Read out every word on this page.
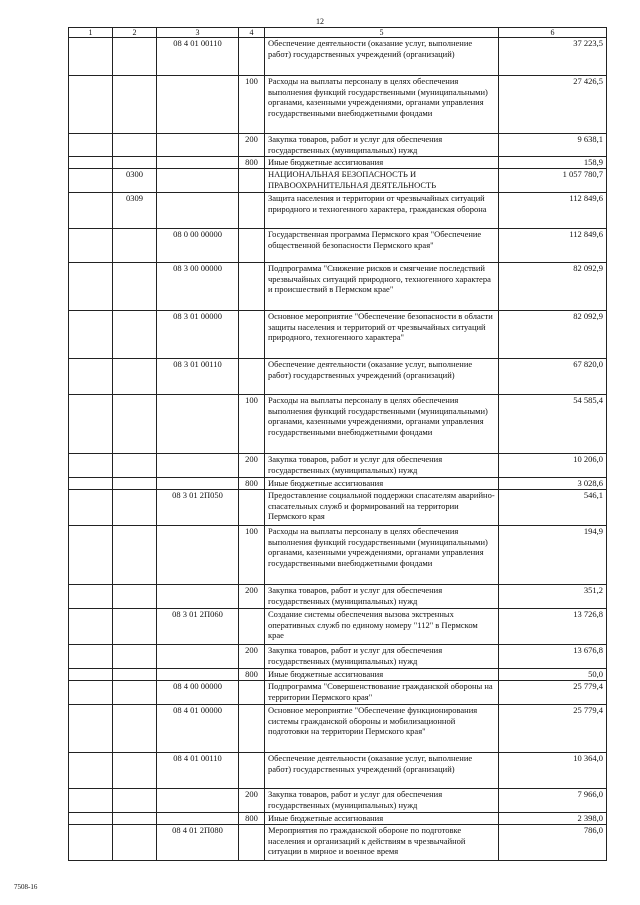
12
1	2	3	4	5	6
		08 4 01 00110		Обеспечение деятельности (оказание услуг, выполнение работ) государственных учреждений (организаций)	37 223,5
			100	Расходы на выплаты персоналу в целях обеспечения выполнения функций государственными (муниципальными) органами, казенными учреждениями, органами управления государственными внебюджетными фондами	27 426,5
			200	Закупка товаров, работ и услуг для обеспечения государственных (муниципальных) нужд	9 638,1
			800	Иные бюджетные ассигнования	158,9
	0300			НАЦИОНАЛЬНАЯ БЕЗОПАСНОСТЬ И ПРАВООХРАНИТЕЛЬНАЯ ДЕЯТЕЛЬНОСТЬ	1 057 780,7
	0309			Защита населения и территории от чрезвычайных ситуаций природного и техногенного характера, гражданская оборона	112 849,6
		08 0 00 00000		Государственная программа Пермского края "Обеспечение общественной безопасности Пермского края"	112 849,6
		08 3 00 00000		Подпрограмма "Снижение рисков и смягчение последствий чрезвычайных ситуаций природного, техногенного характера и происшествий в Пермском крае"	82 092,9
		08 3 01 00000		Основное мероприятие "Обеспечение безопасности в области защиты населения и территорий от чрезвычайных ситуаций природного, техногенного характера"	82 092,9
		08 3 01 00110		Обеспечение деятельности (оказание услуг, выполнение работ) государственных учреждений (организаций)	67 820,0
			100	Расходы на выплаты персоналу в целях обеспечения выполнения функций государственными (муниципальными) органами, казенными учреждениями, органами управления государственными внебюджетными фондами	54 585,4
			200	Закупка товаров, работ и услуг для обеспечения государственных (муниципальных) нужд	10 206,0
			800	Иные бюджетные ассигнования	3 028,6
		08 3 01 2П050		Предоставление социальной поддержки спасателям аварийно-спасательных служб и формирований на территории Пермского края	546,1
			100	Расходы на выплаты персоналу в целях обеспечения выполнения функций государственными (муниципальными) органами, казенными учреждениями, органами управления государственными внебюджетными фондами	194,9
			200	Закупка товаров, работ и услуг для обеспечения государственных (муниципальных) нужд	351,2
		08 3 01 2П060		Создание системы обеспечения вызова экстренных оперативных служб по единому номеру "112" в Пермском крае	13 726,8
			200	Закупка товаров, работ и услуг для обеспечения государственных (муниципальных) нужд	13 676,8
			800	Иные бюджетные ассигнования	50,0
		08 4 00 00000		Подпрограмма "Совершенствование гражданской обороны на территории Пермского края"	25 779,4
		08 4 01 00000		Основное мероприятие "Обеспечение функционирования системы гражданской обороны и мобилизационной подготовки на территории Пермского края"	25 779,4
		08 4 01 00110		Обеспечение деятельности (оказание услуг, выполнение работ) государственных учреждений (организаций)	10 364,0
			200	Закупка товаров, работ и услуг для обеспечения государственных (муниципальных) нужд	7 966,0
			800	Иные бюджетные ассигнования	2 398,0
		08 4 01 2П080		Мероприятия по гражданской обороне по подготовке населения и организаций к действиям в чрезвычайной ситуации в мирное и военное время	786,0
7508-16
